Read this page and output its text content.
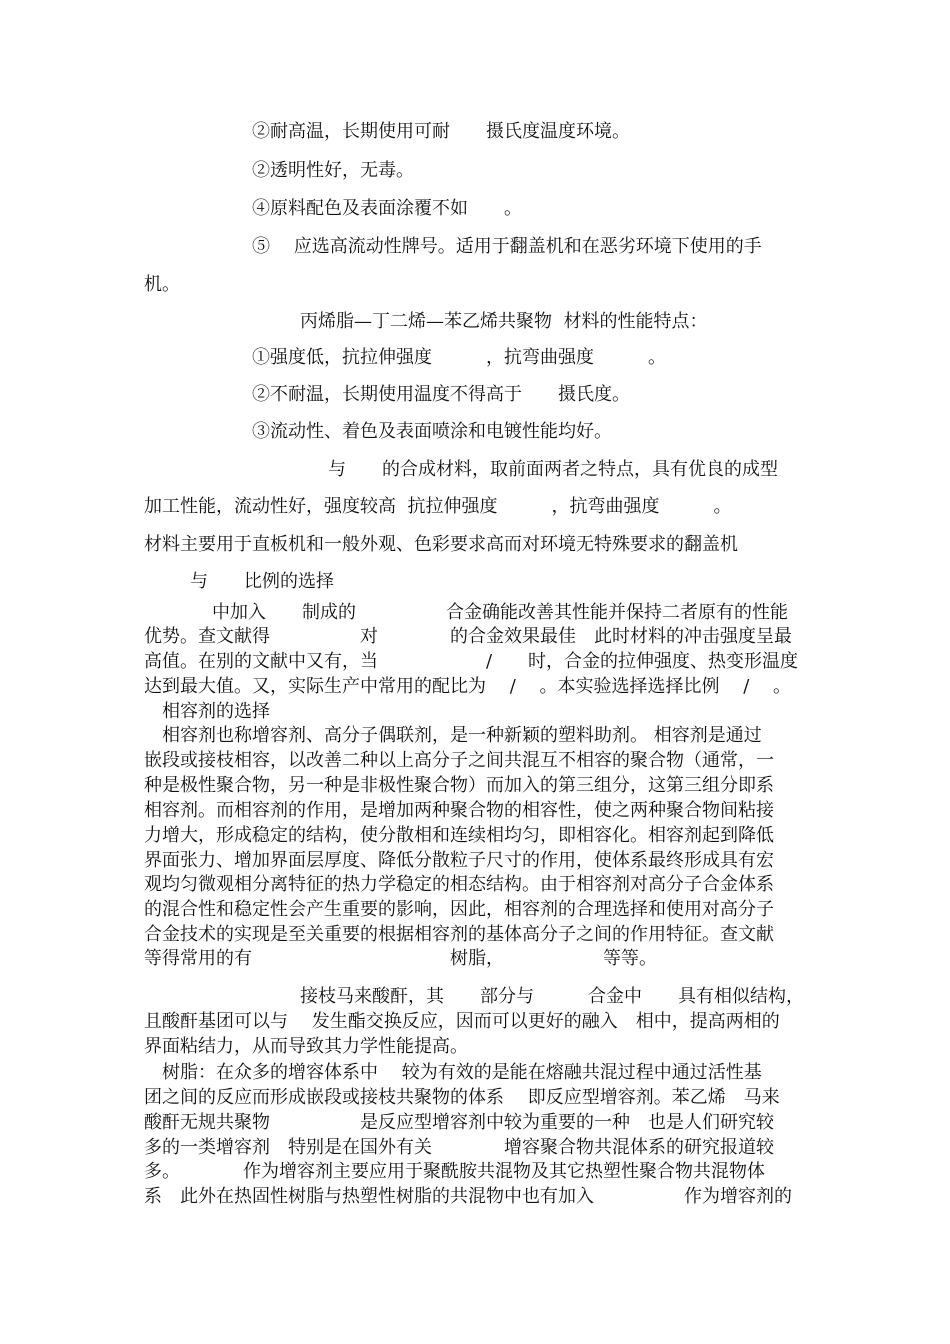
②耐高温，长期使用可耐　　摄氏度温度环境。
②透明性好，无毒。
④原料配色及表面涂覆不如　　。
⑤　 应选高流动性牌号。适用于翻盖机和在恶劣环境下使用的手
机。
丙烯脂—丁二烯—苯乙烯共聚物  材料的性能特点：
①强度低，抗拉伸强度　　　，抗弯曲强度　　　。
②不耐温，长期使用温度不得高于　　摄氏度。
③流动性、着色及表面喷涂和电镀性能均好。
与　　的合成材料，取前面两者之特点，具有优良的成型
加工性能，流动性好，强度较高  抗拉伸强度　　　，抗弯曲强度　　　。
材料主要用于直板机和一般外观、色彩要求高而对环境无特殊要求的翻盖机
与　　比例的选择
中加入　　制成的　　　　　合金确能改善其性能并保持二者原有的性能
优势。查文献得　　　　　对　　　　的合金效果最佳　此时材料的冲击强度呈最
高值。在别的文献中又有，当　　　　　　/　　时，合金的拉伸强度、热变形温度
达到最大值。又，实际生产中常用的配比为　 /　 。本实验选择选择比例　 /　 。
相容剂的选择
相容剂也称增容剂、高分子偶联剂，是一种新颖的塑料助剂。 相容剂是通过
嵌段或接枝相容，以改善二种以上高分子之间共混互不相容的聚合物（通常，一
种是极性聚合物，另一种是非极性聚合物）而加入的第三组分，这第三组分即系
相容剂。而相容剂的作用，是增加两种聚合物的相容性，使之两种聚合物间粘接
力增大，形成稳定的结构，使分散相和连续相均匀，即相容化。相容剂起到降低
界面张力、增加界面层厚度、降低分散粒子尺寸的作用，使体系最终形成具有宏
观均匀微观相分离特征的热力学稳定的相态结构。由于相容剂对高分子合金体系
的混合性和稳定性会产生重要的影响，因此，相容剂的合理选择和使用对高分子
合金技术的实现是至关重要的根据相容剂的基体高分子之间的作用特征。查文献
等得常用的有　　　　　　　　　　　树脂，　　　　　　等等。
接枝马来酸酐，其　　部分与　　　合金中　　具有相似结构，
且酸酐基团可以与　 发生酯交换反应，因而可以更好的融入　相中，提高两相的
界面粘结力，从而导致其力学性能提高。
树脂：在众多的增容体系中　 较为有效的是能在熔融共混过程中通过活性基
团之间的反应而形成嵌段或接枝共聚物的体系　 即反应型增容剂。苯乙烯　马来
酸酐无规共聚物　　　　　是反应型增容剂中较为重要的一种　也是人们研究较
多的一类增容剂　特别是在国外有关　　　　增容聚合物共混体系的研究报道较
多。　　　　作为增容剂主要应用于聚酰胺共混物及其它热塑性聚合物共混物体
系　此外在热固性树脂与热塑性树脂的共混物中也有加入　　　　　作为增容剂的
